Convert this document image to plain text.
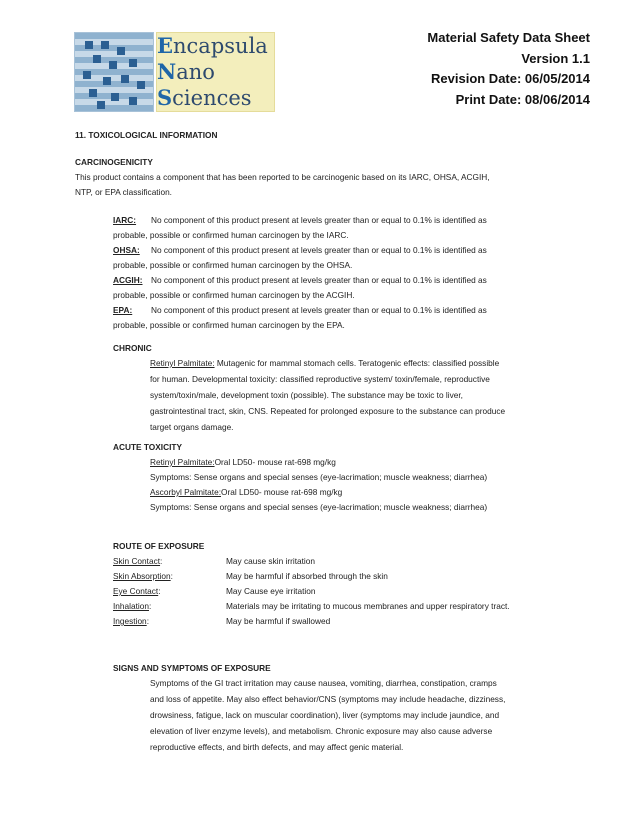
Encapsula
Nano
Sciences
Material Safety Data Sheet
Version 1.1
Revision Date: 06/05/2014
Print Date: 08/06/2014
11. TOXICOLOGICAL INFORMATION
CARCINOGENICITY
This product contains a component that has been reported to be carcinogenic based on its IARC, OHSA, ACGIH,
NTP, or EPA classification.
IARC: No component of this product present at levels greater than or equal to 0.1% is identified as
probable, possible or confirmed human carcinogen by the IARC.
OHSA: No component of this product present at levels greater than or equal to 0.1% is identified as
probable, possible or confirmed human carcinogen by the OHSA.
ACGIH: No component of this product present at levels greater than or equal to 0.1% is identified as
probable, possible or confirmed human carcinogen by the ACGIH.
EPA: No component of this product present at levels greater than or equal to 0.1% is identified as
probable, possible or confirmed human carcinogen by the EPA.
CHRONIC
Retinyl Palmitate: Mutagenic for mammal stomach cells. Teratogenic effects: classified possible
for human. Developmental toxicity: classified reproductive system/ toxin/female, reproductive
system/toxin/male, development toxin (possible). The substance may be toxic to liver,
gastrointestinal tract, skin, CNS. Repeated for prolonged exposure to the substance can produce
target organs damage.
ACUTE TOXICITY
Retinyl Palmitate:Oral LD50- mouse rat-698 mg/kg
Symptoms: Sense organs and special senses (eye-lacrimation; muscle weakness; diarrhea)
Ascorbyl Palmitate:Oral LD50- mouse rat-698 mg/kg
Symptoms: Sense organs and special senses (eye-lacrimation; muscle weakness; diarrhea)
ROUTE OF EXPOSURE
Skin Contact:	May cause skin irritation
Skin Absorption:	May be harmful if absorbed through the skin
Eye Contact:	May Cause eye irritation
Inhalation:	Materials may be irritating to mucous membranes and upper respiratory tract.
Ingestion:	May be harmful if swallowed
SIGNS AND SYMPTOMS OF EXPOSURE
Symptoms of the GI tract irritation may cause nausea, vomiting, diarrhea, constipation, cramps
and loss of appetite. May also effect behavior/CNS (symptoms may include headache, dizziness,
drowsiness, fatigue, lack on muscular coordination), liver (symptoms may include jaundice, and
elevation of liver enzyme levels), and metabolism. Chronic exposure may also cause adverse
reproductive effects, and birth defects, and may affect genic material.
